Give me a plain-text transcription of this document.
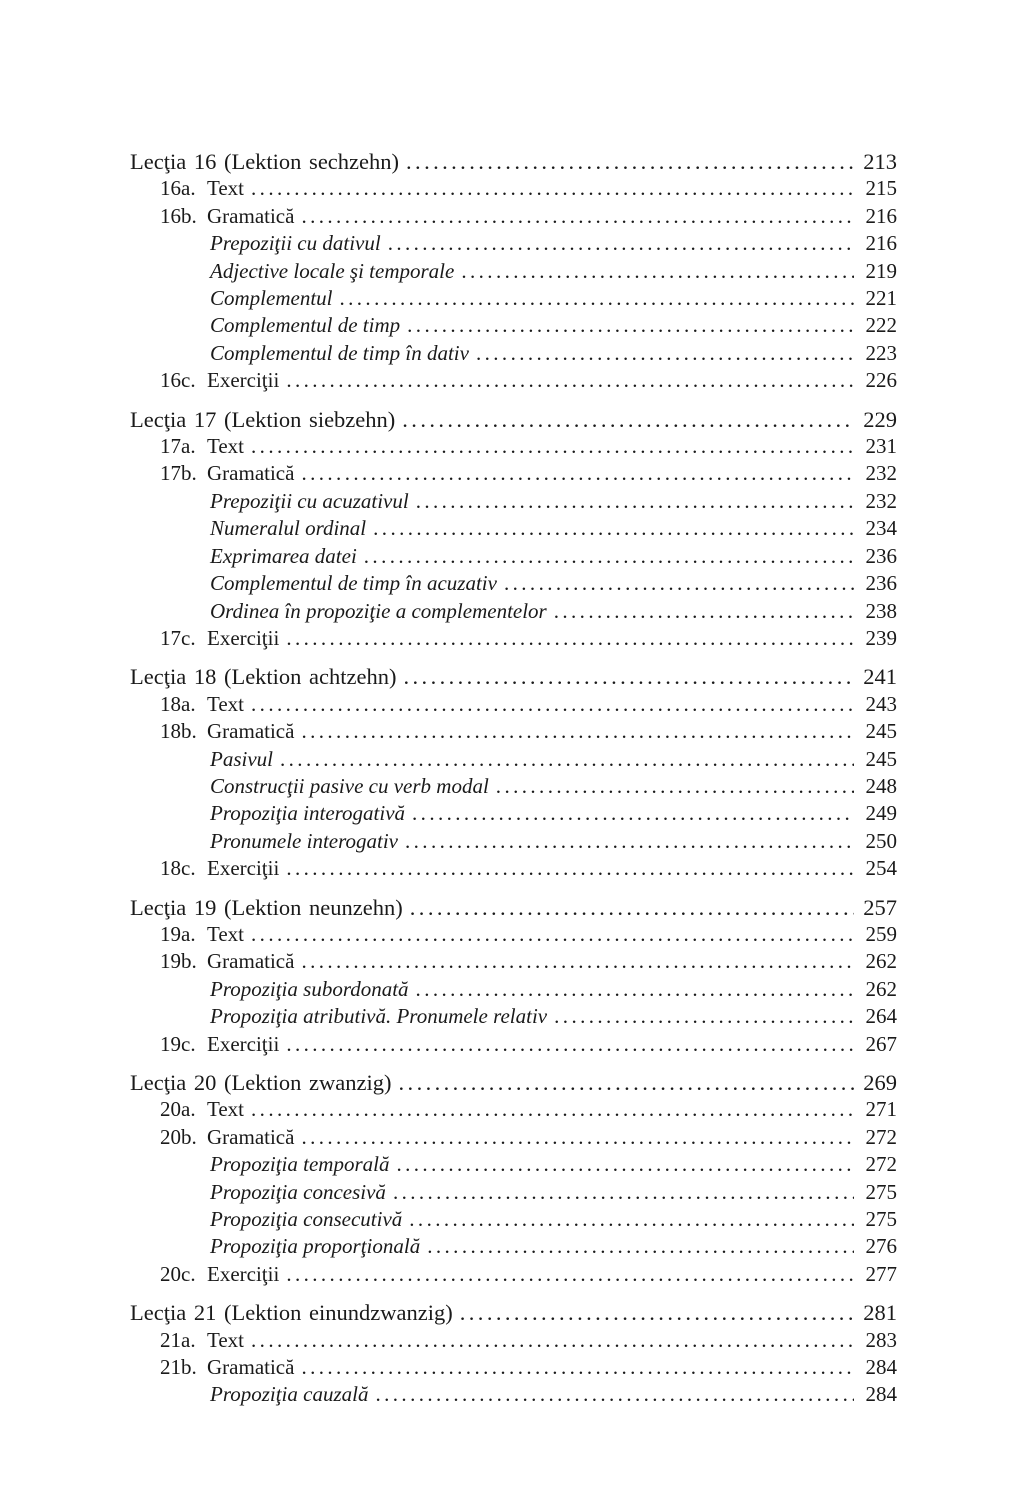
Lecţia 16 (Lektion sechzehn) .....	213
16a. Text .....	215
16b. Gramatică .....	216
Prepoziţii cu dativul .....	216
Adjective locale şi temporale .....	219
Complementul .....	221
Complementul de timp .....	222
Complementul de timp în dativ .....	223
16c. Exerciţii .....	226
Lecţia 17 (Lektion siebzehn) .....	229
17a. Text .....	231
17b. Gramatică .....	232
Prepoziţii cu acuzativul .....	232
Numeralul ordinal .....	234
Exprimarea datei .....	236
Complementul de timp în acuzativ .....	236
Ordinea în propoziţie a complementelor .....	238
17c. Exerciţii .....	239
Lecţia 18 (Lektion achtzehn) .....	241
18a. Text .....	243
18b. Gramatică .....	245
Pasivul .....	245
Construcţii pasive cu verb modal .....	248
Propoziţia interogativă .....	249
Pronumele interogativ .....	250
18c. Exerciţii .....	254
Lecţia 19 (Lektion neunzehn) .....	257
19a. Text .....	259
19b. Gramatică .....	262
Propoziţia subordonată .....	262
Propoziţia atributivă. Pronumele relativ .....	264
19c. Exerciţii .....	267
Lecţia 20 (Lektion zwanzig) .....	269
20a. Text .....	271
20b. Gramatică .....	272
Propoziţia temporală .....	272
Propoziţia concesivă .....	275
Propoziţia consecutivă .....	275
Propoziţia proporţională .....	276
20c. Exerciţii .....	277
Lecţia 21 (Lektion einundzwanzig) .....	281
21a. Text .....	283
21b. Gramatică .....	284
Propoziţia cauzală .....	284
